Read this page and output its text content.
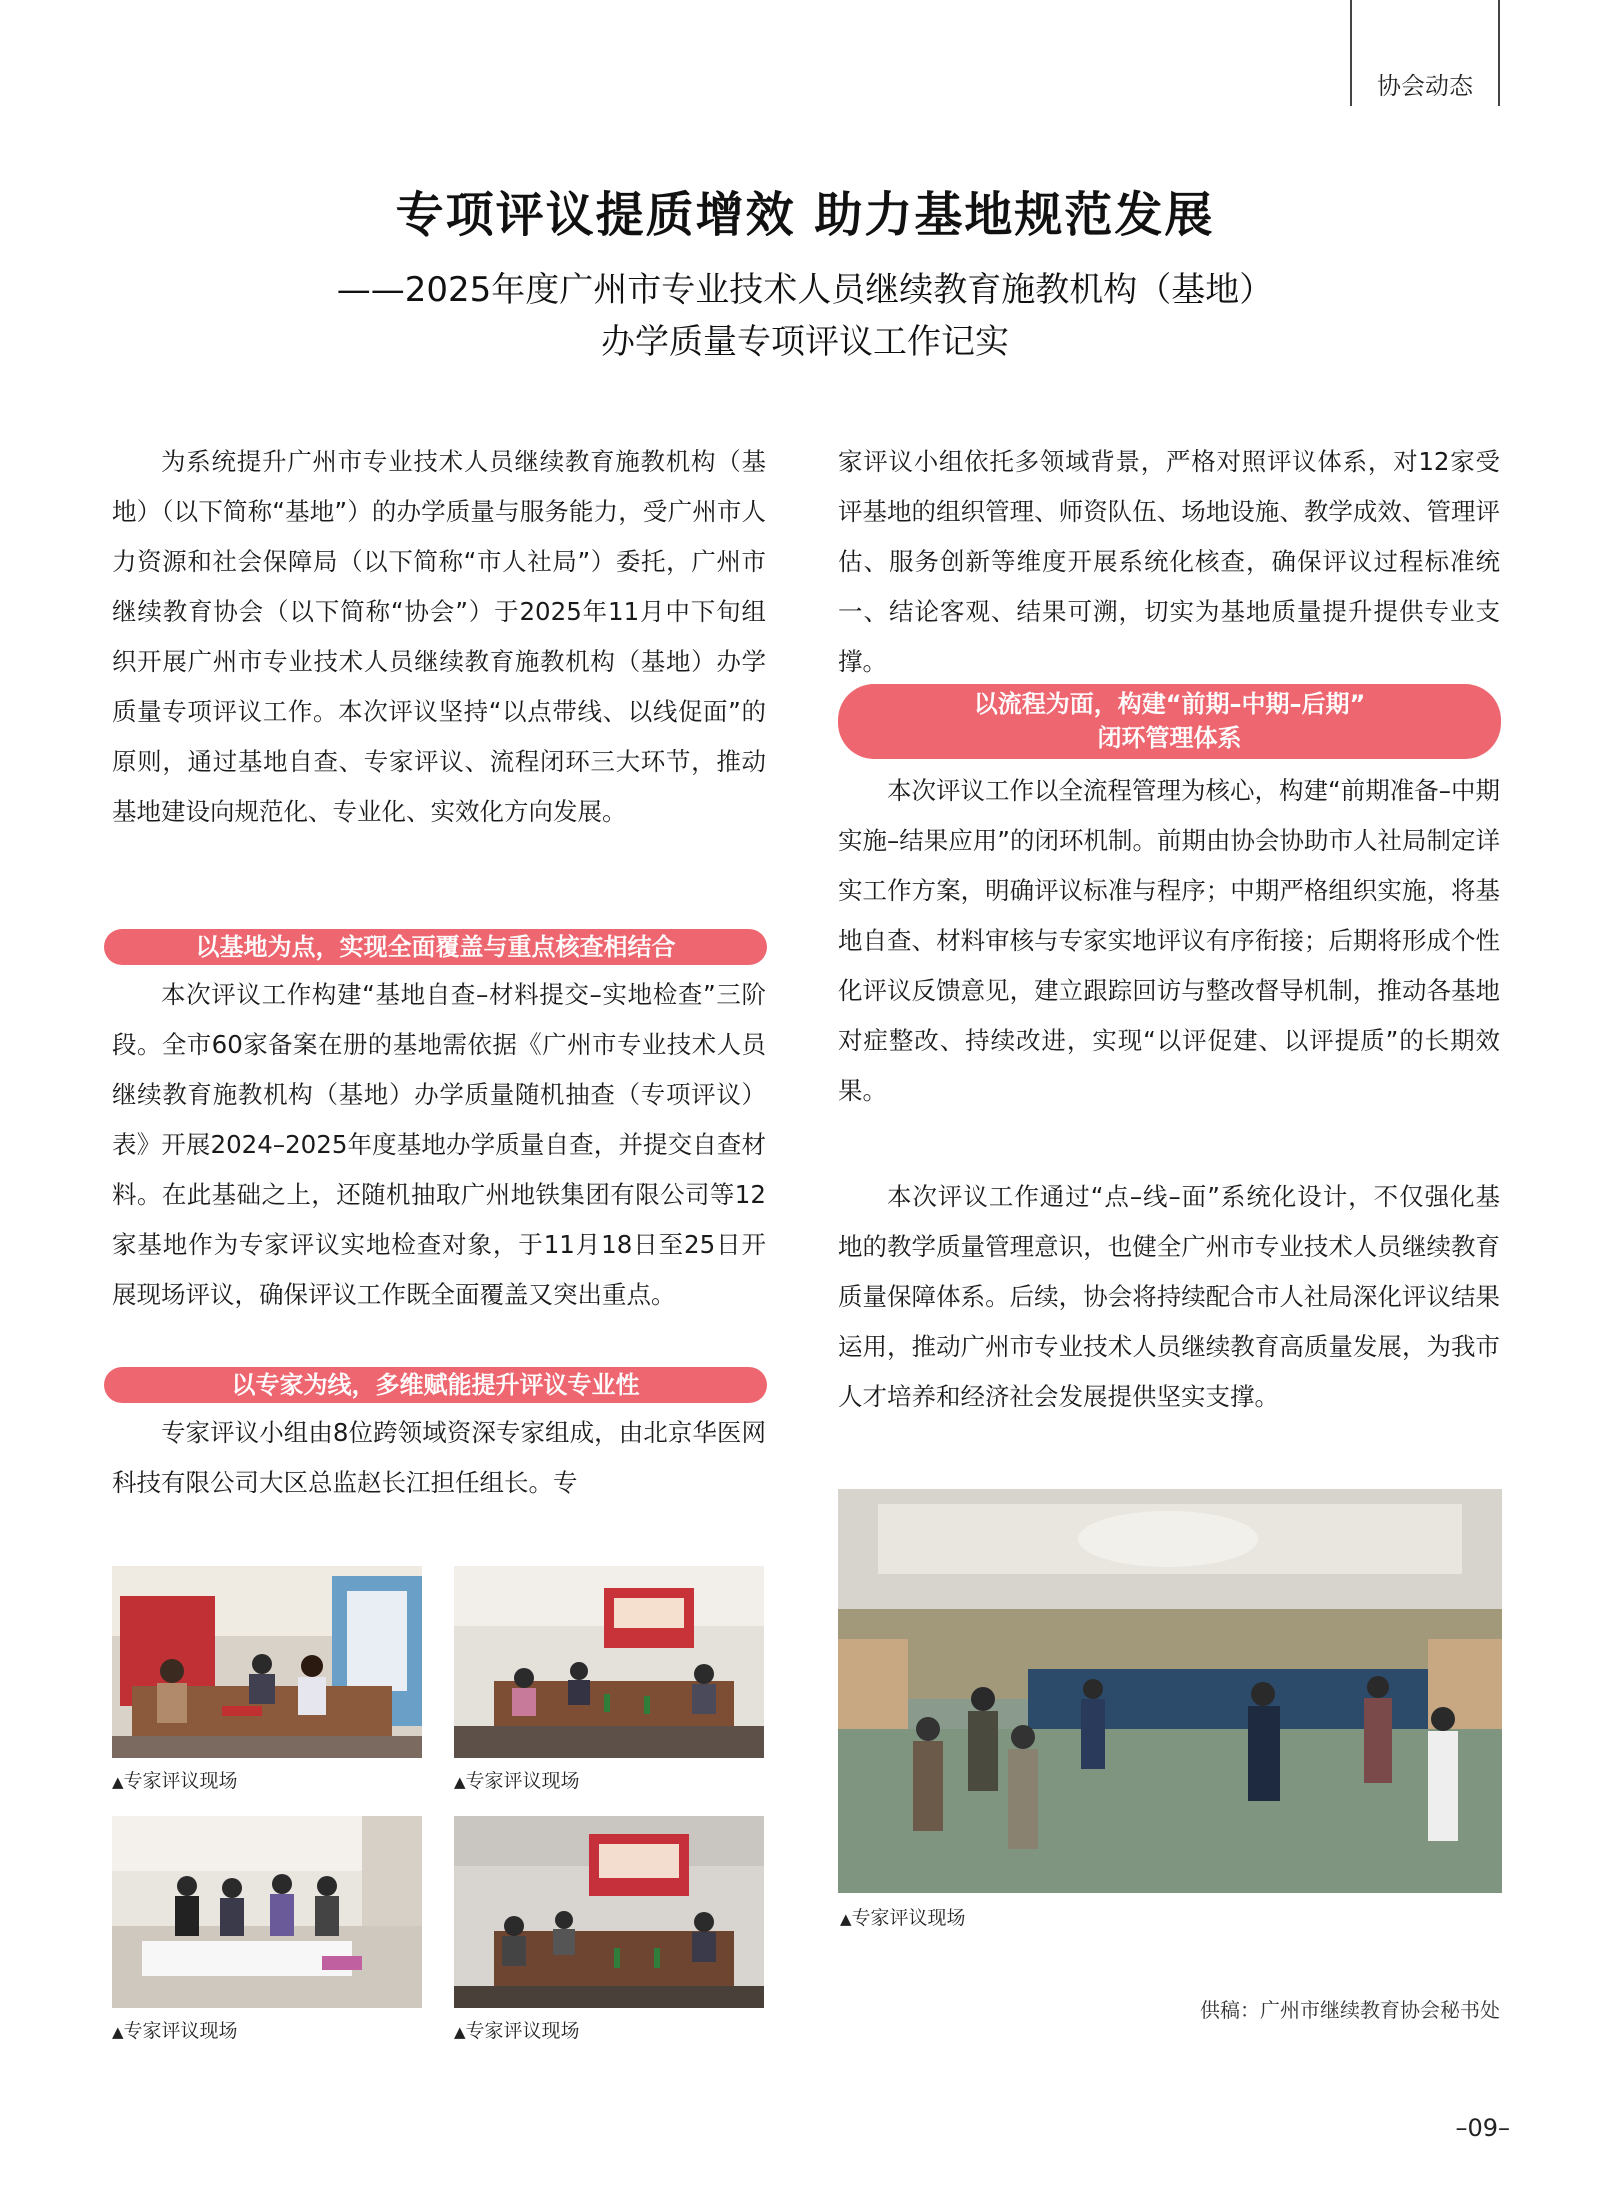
协会动态
专项评议提质增效 助力基地规范发展
——2025年度广州市专业技术人员继续教育施教机构（基地）
办学质量专项评议工作记实

为系统提升广州市专业技术人员继续教育施教机构（基地）（以下简称“基地”）的办学质量与服务能力，受广州市人力资源和社会保障局（以下简称“市人社局”）委托，广州市继续教育协会（以下简称“协会”）于2025年11月中下旬组织开展广州市专业技术人员继续教育施教机构（基地）办学质量专项评议工作。本次评议坚持“以点带线、以线促面”的原则，通过基地自查、专家评议、流程闭环三大环节，推动基地建设向规范化、专业化、实效化方向发展。

以基地为点，实现全面覆盖与重点核查相结合

本次评议工作构建“基地自查–材料提交–实地检查”三阶段。全市60家备案在册的基地需依据《广州市专业技术人员继续教育施教机构（基地）办学质量随机抽查（专项评议）表》开展2024–2025年度基地办学质量自查，并提交自查材料。在此基础之上，还随机抽取广州地铁集团有限公司等12家基地作为专家评议实地检查对象，于11月18日至25日开展现场评议，确保评议工作既全面覆盖又突出重点。

以专家为线，多维赋能提升评议专业性

专家评议小组由8位跨领域资深专家组成，由北京华医网科技有限公司大区总监赵长江担任组长。专

家评议小组依托多领域背景，严格对照评议体系，对12家受评基地的组织管理、师资队伍、场地设施、教学成效、管理评估、服务创新等维度开展系统化核查，确保评议过程标准统一、结论客观、结果可溯，切实为基地质量提升提供专业支撑。

以流程为面，构建“前期–中期–后期”
闭环管理体系

本次评议工作以全流程管理为核心，构建“前期准备–中期实施–结果应用”的闭环机制。前期由协会协助市人社局制定详实工作方案，明确评议标准与程序；中期严格组织实施，将基地自查、材料审核与专家实地评议有序衔接；后期将形成个性化评议反馈意见，建立跟踪回访与整改督导机制，推动各基地对症整改、持续改进，实现“以评促建、以评提质”的长期效果。

本次评议工作通过“点–线–面”系统化设计，不仅强化基地的教学质量管理意识，也健全广州市专业技术人员继续教育质量保障体系。后续，协会将持续配合市人社局深化评议结果运用，推动广州市专业技术人员继续教育高质量发展，为我市人才培养和经济社会发展提供坚实支撑。

▲专家评议现场	▲专家评议现场
▲专家评议现场	▲专家评议现场
▲专家评议现场
供稿：广州市继续教育协会秘书处
–09–
